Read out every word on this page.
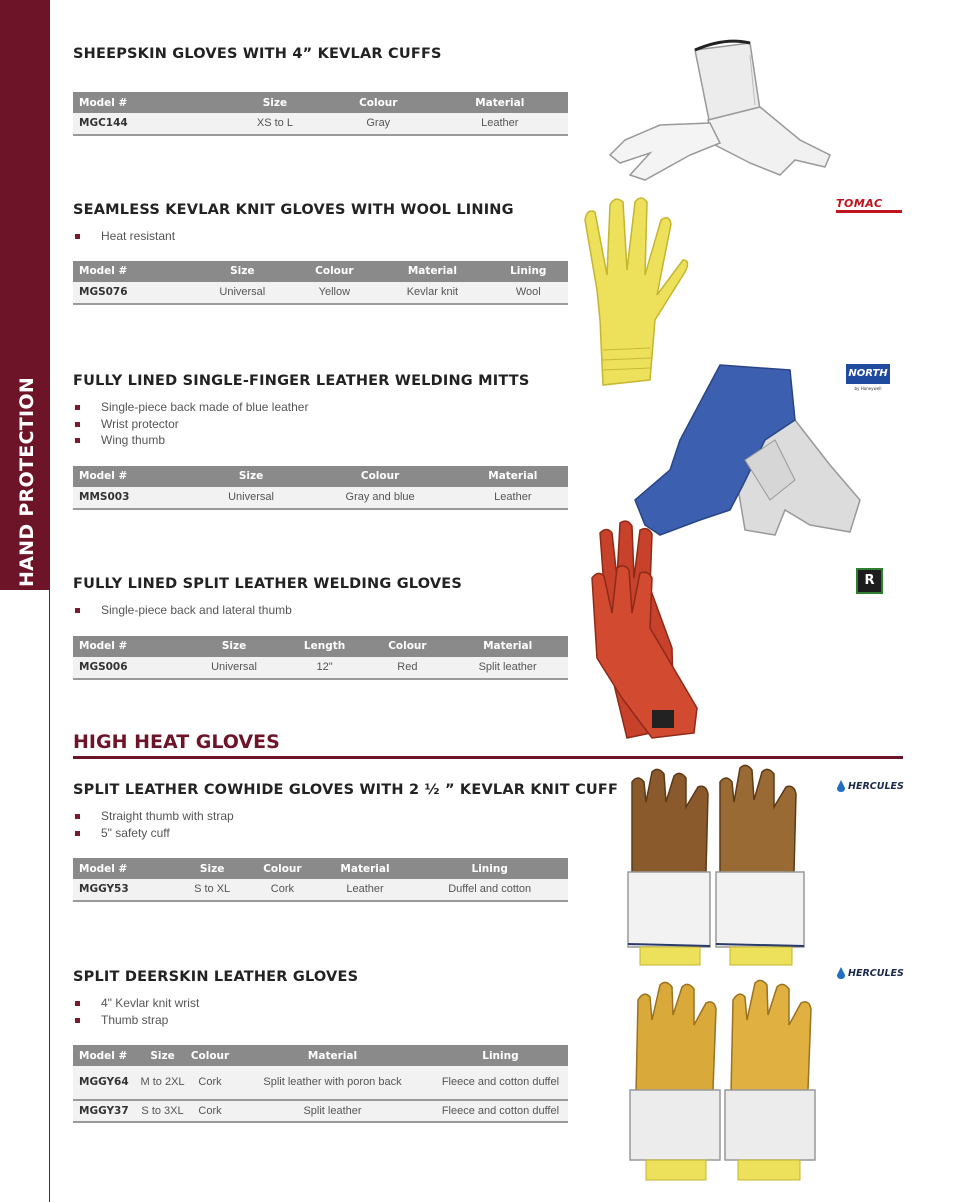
HAND PROTECTION
SHEEPSKIN GLOVES WITH 4” KEVLAR CUFFS
Model #	Size	Colour	Material
MGC144	XS to L	Gray	Leather
SEAMLESS KEVLAR KNIT GLOVES WITH WOOL LINING
Heat resistant
Model #	Size	Colour	Material	Lining
MGS076	Universal	Yellow	Kevlar knit	Wool
FULLY LINED SINGLE-FINGER LEATHER WELDING MITTS
Single-piece back made of blue leather
Wrist protector
Wing thumb
Model #	Size	Colour	Material
MMS003	Universal	Gray and blue	Leather
FULLY LINED SPLIT LEATHER WELDING GLOVES
Single-piece back and lateral thumb
Model #	Size	Length	Colour	Material
MGS006	Universal	12"	Red	Split leather
HIGH HEAT GLOVES
SPLIT LEATHER COWHIDE GLOVES WITH 2 ½ ” KEVLAR KNIT CUFF
Straight thumb with strap
5" safety cuff
Model #	Size	Colour	Material	Lining
MGGY53	S to XL	Cork	Leather	Duffel and cotton
SPLIT DEERSKIN LEATHER GLOVES
4" Kevlar knit wrist
Thumb strap
Model #	Size	Colour	Material	Lining
MGGY64	M to 2XL	Cork	Split leather with poron back	Fleece and cotton duffel
MGGY37	S to 3XL	Cork	Split leather	Fleece and cotton duffel
TOMAC
NORTH
by Honeywell
R
HERCULES
HERCULES
